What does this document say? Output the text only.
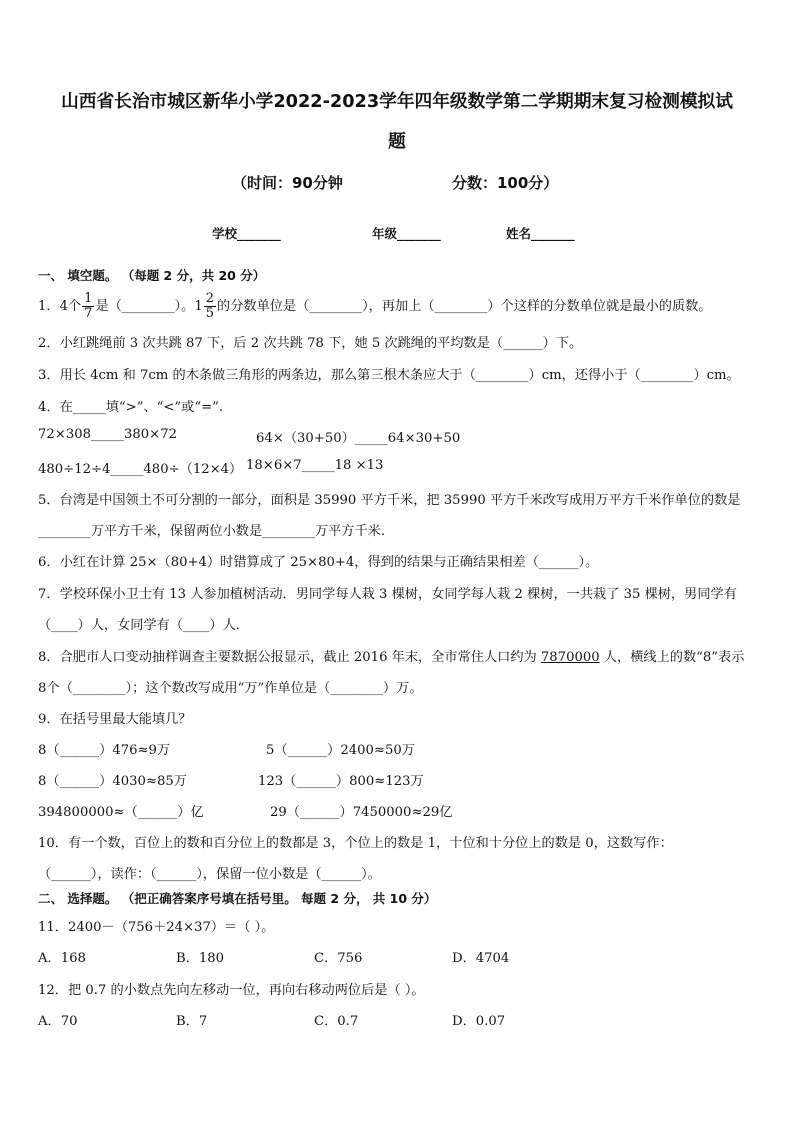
山西省长治市城区新华小学2022-2023学年四年级数学第二学期期末复习检测模拟试
题
（时间：90分钟	分数：100分）
学校_______	年级_______	姓名_______
一、 填空题。 （每题 2 分，共 20 分）
1．4个 $\frac{1}{7}$ 是（________）。$1 \frac{2}{5}$ 的分数单位是（________），再加上（________）个这样的分数单位就是最小的质数。
2．小红跳绳前 3 次共跳 87 下，后 2 次共跳 78 下，她 5 次跳绳的平均数是（______）下。
3．用长 4cm 和 7cm 的木条做三角形的两条边，那么第三根木条应大于（________）cm，还得小于（________）cm。
4．在_____填“>”、“<”或“=”.
72×308_____380×72	64×（30+50）_____64×30+50
480÷12÷4_____480÷（12×4） 18×6×7_____18 ×13
5．台湾是中国领土不可分割的一部分，面积是 35990 平方千米，把 35990 平方千米改写成用万平方千米作单位的数是
________万平方千米，保留两位小数是________万平方千米.
6．小红在计算 25×（80+4）时错算成了 25×80+4，得到的结果与正确结果相差（______）。
7．学校环保小卫士有 13 人参加植树活动．男同学每人栽 3 棵树，女同学每人栽 2 棵树，一共栽了 35 棵树，男同学有
（____）人，女同学有（____）人．
8．合肥市人口变动抽样调查主要数据公报显示，截止 2016 年末，全市常住人口约为 7870000 人，横线上的数“8”表示
8个（________）；这个数改写成用“万”作单位是（________）万。
9．在括号里最大能填几？
8（______）476≈9万	5（______）2400≈50万
8（______）4030≈85万	123（______）800≈123万
394800000≈（______）亿	29（______）7450000≈29亿
10．有一个数，百位上的数和百分位上的数都是 3，个位上的数是 1，十位和十分位上的数是 0，这数写作：
（______），读作：（______），保留一位小数是（______）。
二、 选择题。 （把正确答案序号填在括号里。 每题 2 分， 共 10 分）
11．2400－（756＋24×37）＝（ ）。
A．168	B．180	C．756	D．4704
12．把 0.7 的小数点先向左移动一位，再向右移动两位后是（ ）。
A．70	B．7	C．0.7	D．0.07
